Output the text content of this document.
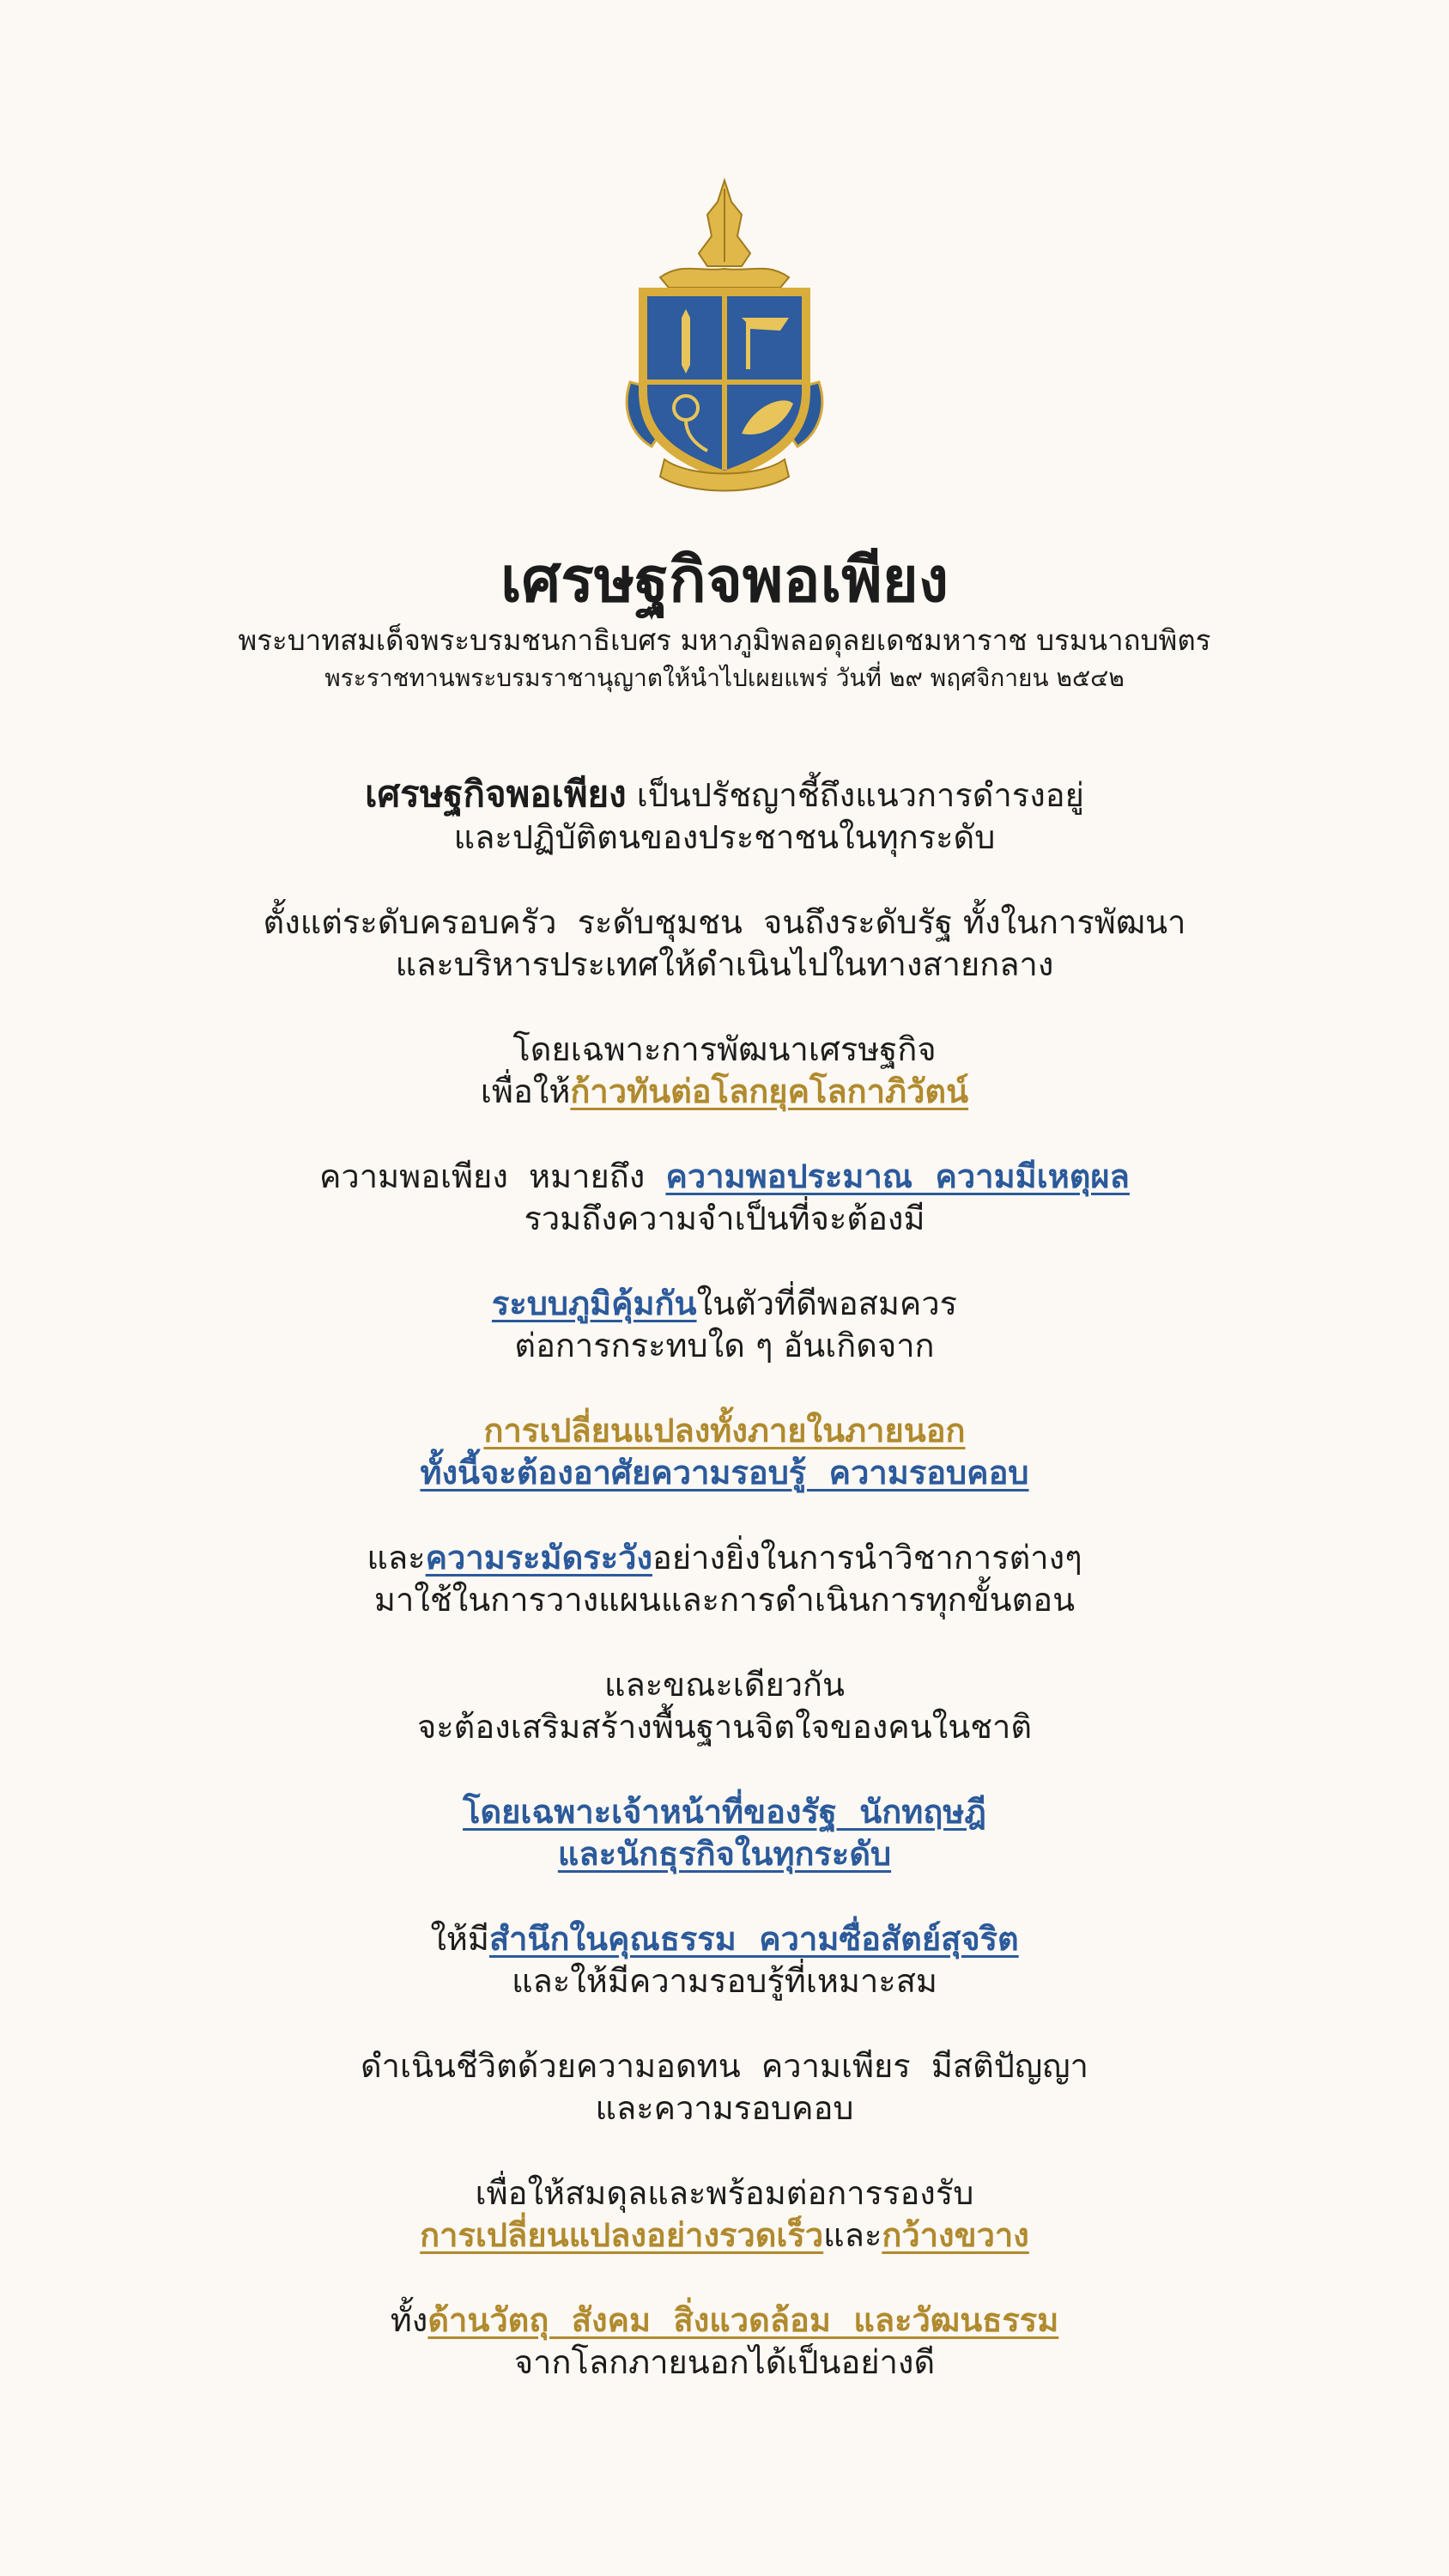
เศรษฐกิจพอเพียง
พระบาทสมเด็จพระบรมชนกาธิเบศร มหาภูมิพลอดุลยเดชมหาราช บรมนาถบพิตร
พระราชทานพระบรมราชานุญาตให้นำไปเผยแพร่ วันที่ ๒๙ พฤศจิกายน ๒๕๔๒
เศรษฐกิจพอเพียง เป็นปรัชญาชี้ถึงแนวการดำรงอยู่
และปฏิบัติตนของประชาชนในทุกระดับ
ตั้งแต่ระดับครอบครัว  ระดับชุมชน  จนถึงระดับรัฐ ทั้งในการพัฒนา
และบริหารประเทศให้ดำเนินไปในทางสายกลาง
โดยเฉพาะการพัฒนาเศรษฐกิจ
เพื่อให้ก้าวทันต่อโลกยุคโลกาภิวัตน์
ความพอเพียง  หมายถึง  ความพอประมาณ  ความมีเหตุผล
รวมถึงความจำเป็นที่จะต้องมี
ระบบภูมิคุ้มกันในตัวที่ดีพอสมควร
ต่อการกระทบใด ๆ อันเกิดจาก
การเปลี่ยนแปลงทั้งภายในภายนอก
ทั้งนี้จะต้องอาศัยความรอบรู้  ความรอบคอบ
และความระมัดระวังอย่างยิ่งในการนำวิชาการต่างๆ
มาใช้ในการวางแผนและการดำเนินการทุกขั้นตอน
และขณะเดียวกัน
จะต้องเสริมสร้างพื้นฐานจิตใจของคนในชาติ
โดยเฉพาะเจ้าหน้าที่ของรัฐ  นักทฤษฎี
และนักธุรกิจในทุกระดับ
ให้มีสำนึกในคุณธรรม  ความซื่อสัตย์สุจริต
และให้มีความรอบรู้ที่เหมาะสม
ดำเนินชีวิตด้วยความอดทน  ความเพียร  มีสติปัญญา
และความรอบคอบ
เพื่อให้สมดุลและพร้อมต่อการรองรับ
การเปลี่ยนแปลงอย่างรวดเร็วและกว้างขวาง
ทั้งด้านวัตถุ  สังคม  สิ่งแวดล้อม  และวัฒนธรรม
จากโลกภายนอกได้เป็นอย่างดี
